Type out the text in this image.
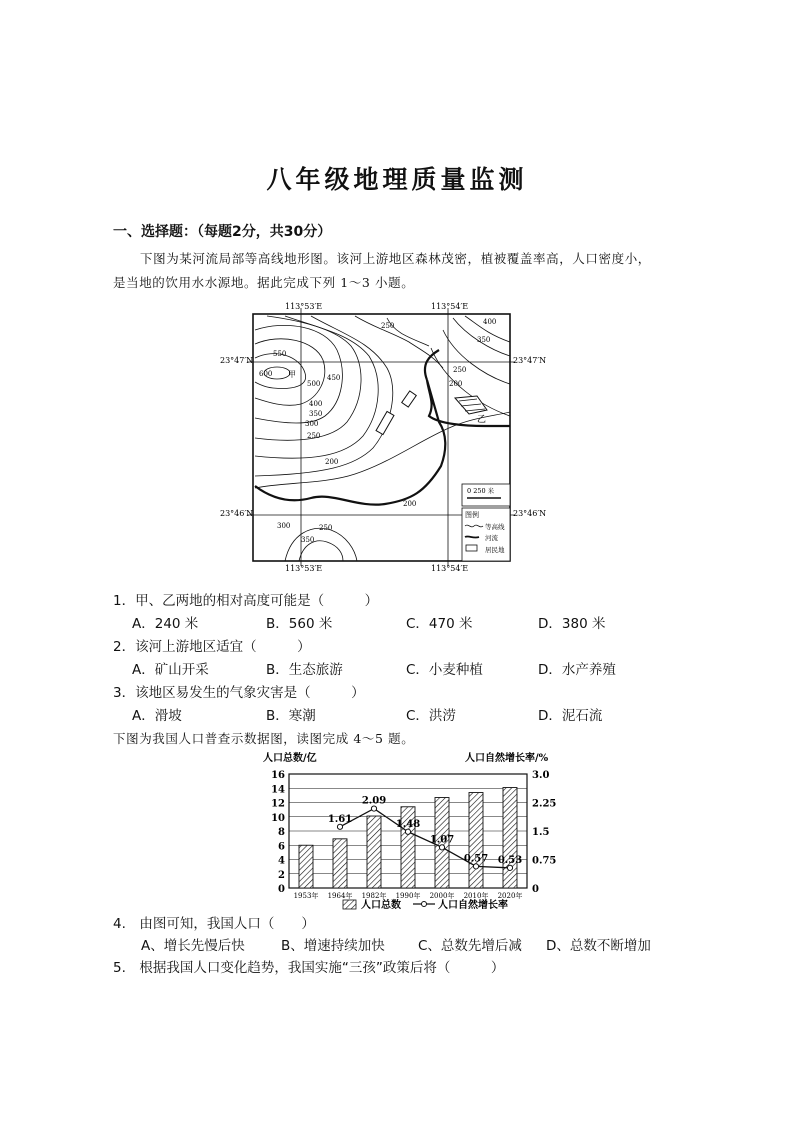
八年级地理质量监测
一、选择题：（每题2分，共30分）
下图为某河流局部等高线地形图。该河上游地区森林茂密，植被覆盖率高，人口密度小，
是当地的饮用水水源地。据此完成下列 1～3 小题。
113°53′E	113°54′E
113°53′E	113°54′E
23°47′N	23°47′N
23°46′N	23°46′N
甲
乙
600
550
500
450
400
350
300
250
200
250	400
350
250
200
200
300	250
350
0 250 米
图例
等高线
河流
居民地
1．甲、乙两地的相对高度可能是（　　　）
A．240 米	B．560 米	C．470 米	D．380 米
2．该河上游地区适宜（　　　）
A．矿山开采	B．生态旅游	C．小麦种植	D．水产养殖
3．该地区易发生的气象灾害是（　　　）
A．滑坡	B．寒潮	C．洪涝	D．泥石流
下图为我国人口普查示数据图，读图完成 4～5 题。
人口总数/亿	人口自然增长率/%
1.61
2.09
1.48
1.07
0.57 0.53
0
2
4
6
8
10
12
14
16
0
0.75
1.5
2.25
3.0
1953年 1964年 1982年 1990年 2000年 2010年 2020年
人口总数	人口自然增长率
4.　由图可知，我国人口（　　）
A、增长先慢后快	B、增速持续加快 C、总数先增后减 D、总数不断增加
5.　根据我国人口变化趋势，我国实施“三孩”政策后将（　　　）
